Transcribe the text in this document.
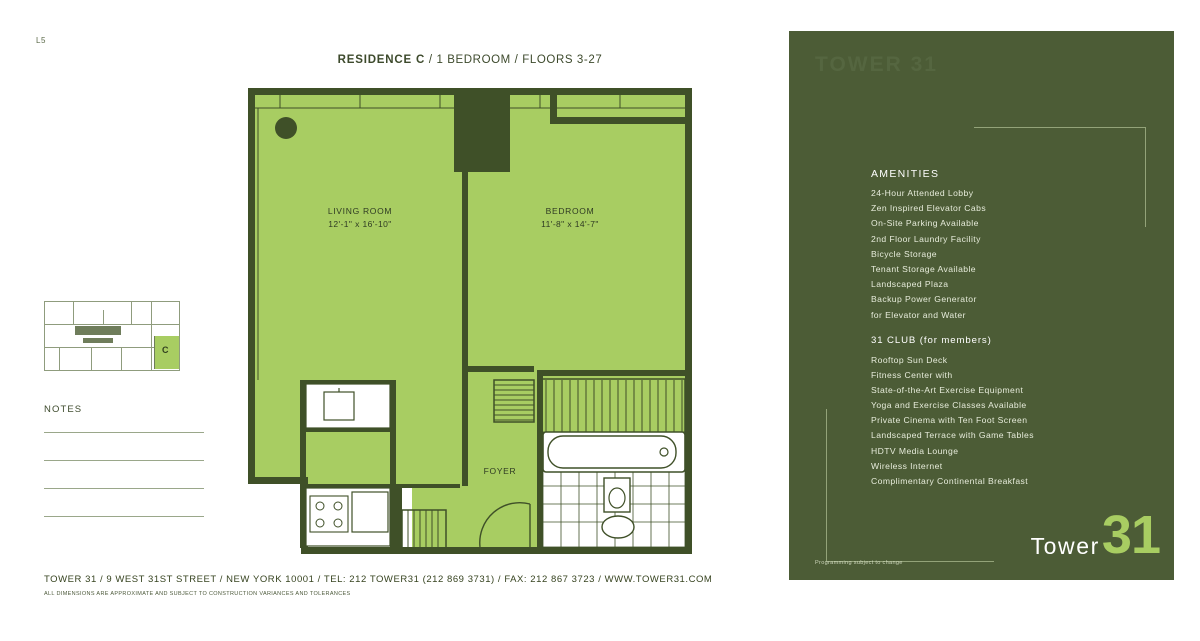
L5
RESIDENCE C / 1 BEDROOM / FLOORS 3-27
LIVING ROOM
12'-1" x 16'-10"
BEDROOM
11'-8" x 14'-7"
FOYER
C
NOTES
TOWER 31 / 9 WEST 31ST STREET / NEW YORK 10001 / TEL: 212 TOWER31 (212 869 3731) / FAX: 212 867 3723 / WWW.TOWER31.COM
ALL DIMENSIONS ARE APPROXIMATE AND SUBJECT TO CONSTRUCTION VARIANCES AND TOLERANCES
TOWER 31
AMENITIES
24-Hour Attended Lobby
Zen Inspired Elevator Cabs
On-Site Parking Available
2nd Floor Laundry Facility
Bicycle Storage
Tenant Storage Available
Landscaped Plaza
Backup Power Generator
for Elevator and Water
31 CLUB (for members)
Rooftop Sun Deck
Fitness Center with
State-of-the-Art Exercise Equipment
Yoga and Exercise Classes Available
Private Cinema with Ten Foot Screen
Landscaped Terrace with Game Tables
HDTV Media Lounge
Wireless Internet
Complimentary Continental Breakfast
Programming subject to change
Tower 31
